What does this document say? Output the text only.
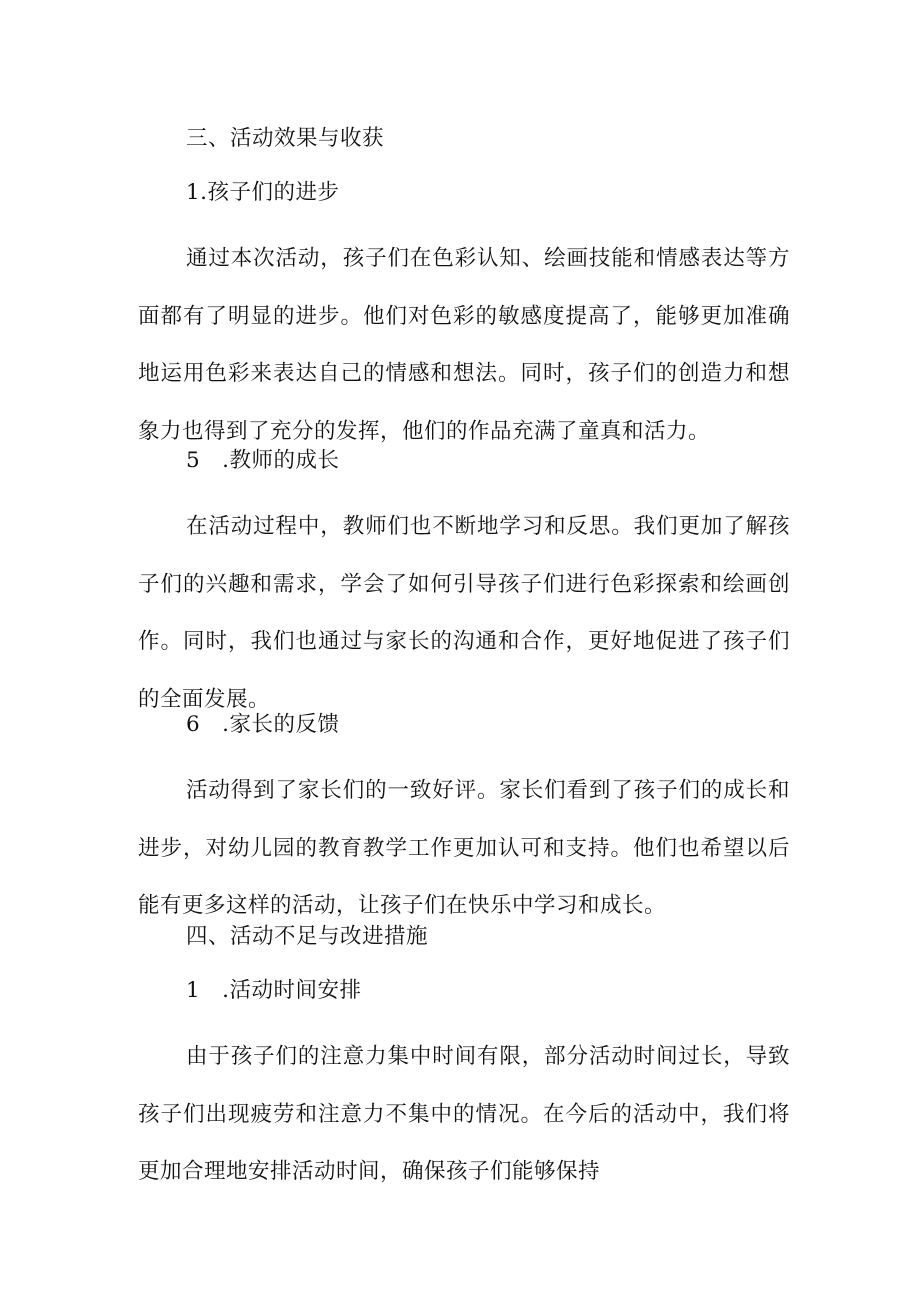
三、活动效果与收获
1.孩子们的进步
通过本次活动，孩子们在色彩认知、绘画技能和情感表达等方面都有了明显的进步。他们对色彩的敏感度提高了，能够更加准确地运用色彩来表达自己的情感和想法。同时，孩子们的创造力和想象力也得到了充分的发挥，他们的作品充满了童真和活力。
5　.教师的成长
在活动过程中，教师们也不断地学习和反思。我们更加了解孩子们的兴趣和需求，学会了如何引导孩子们进行色彩探索和绘画创作。同时，我们也通过与家长的沟通和合作，更好地促进了孩子们的全面发展。
6　.家长的反馈
活动得到了家长们的一致好评。家长们看到了孩子们的成长和进步，对幼儿园的教育教学工作更加认可和支持。他们也希望以后能有更多这样的活动，让孩子们在快乐中学习和成长。
四、活动不足与改进措施
1　.活动时间安排
由于孩子们的注意力集中时间有限，部分活动时间过长，导致孩子们出现疲劳和注意力不集中的情况。在今后的活动中，我们将更加合理地安排活动时间，确保孩子们能够保持
